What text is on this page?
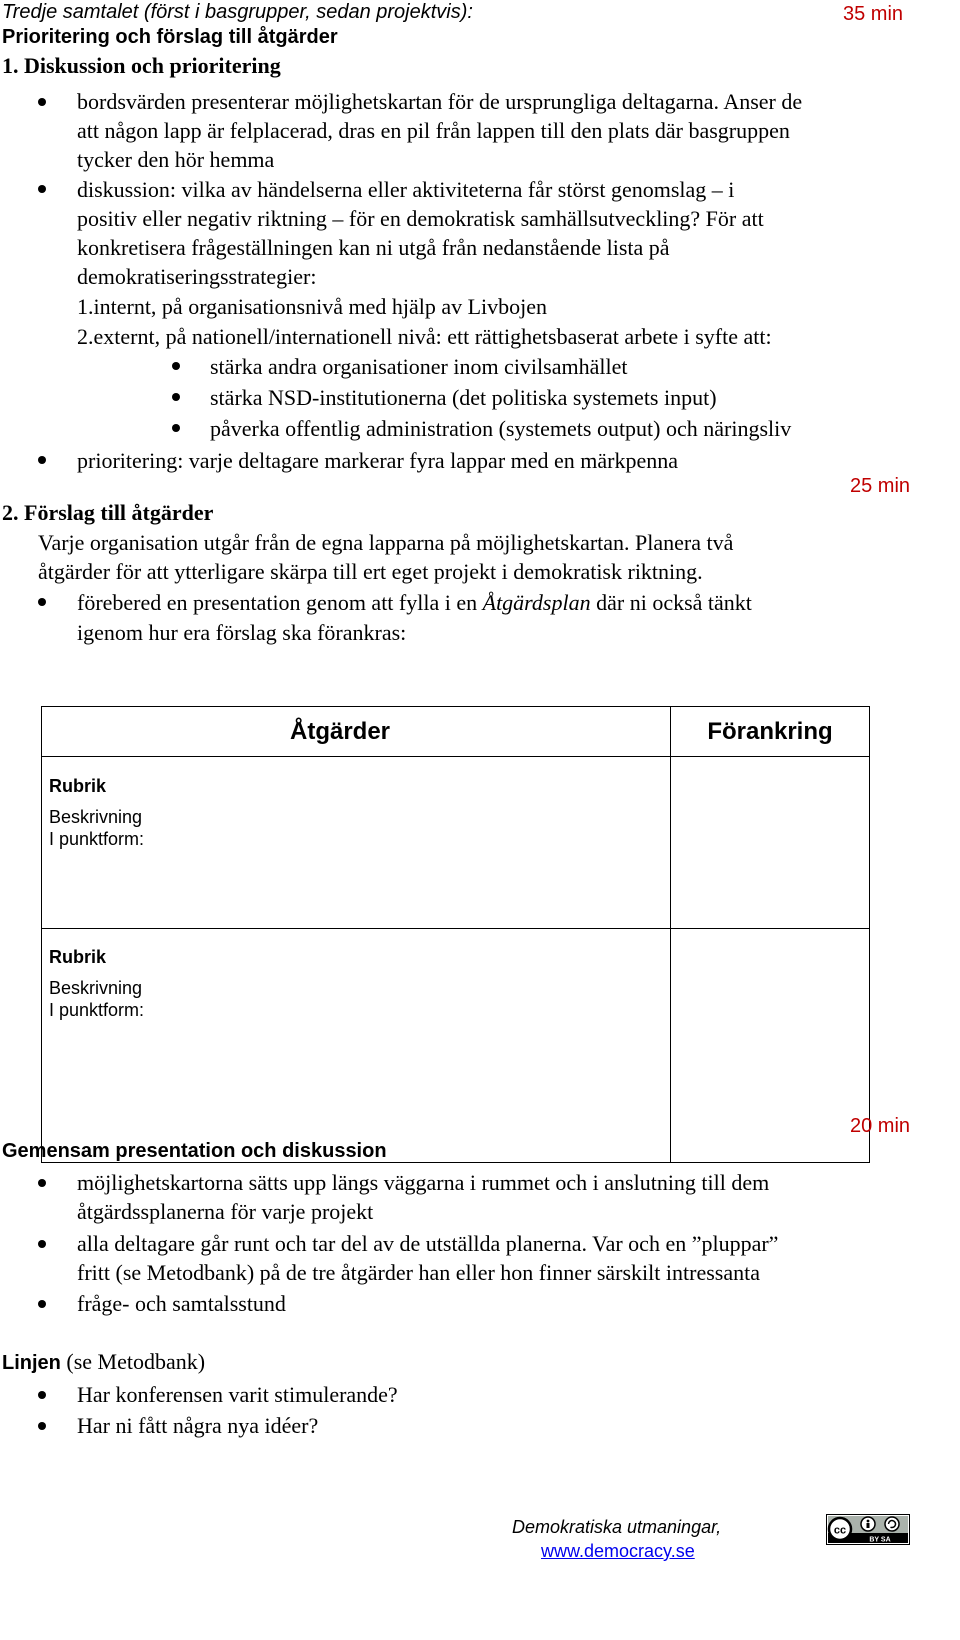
Tredje samtalet (först i basgrupper, sedan projektvis):	35 min
Prioritering och förslag till åtgärder
1. Diskussion och prioritering
bordsvärden presenterar möjlighetskartan för de ursprungliga deltagarna. Anser de
att någon lapp är felplacerad, dras en pil från lappen till den plats där basgruppen
tycker den hör hemma
diskussion: vilka av händelserna eller aktiviteterna får störst genomslag – i
positiv eller negativ riktning – för en demokratisk samhällsutveckling? För att
konkretisera frågeställningen kan ni utgå från nedanstående lista på
demokratiseringsstrategier:
1.internt, på organisationsnivå med hjälp av Livbojen
2.externt, på nationell/internationell nivå: ett rättighetsbaserat arbete i syfte att:
stärka andra organisationer inom civilsamhället
stärka NSD-institutionerna (det politiska systemets input)
påverka offentlig administration (systemets output) och näringsliv
prioritering: varje deltagare markerar fyra lappar med en märkpenna
25 min
2. Förslag till åtgärder
Varje organisation utgår från de egna lapparna på möjlighetskartan. Planera två
åtgärder för att ytterligare skärpa till ert eget projekt i demokratisk riktning.
förebered en presentation genom att fylla i en Åtgärdsplan där ni också tänkt
igenom hur era förslag ska förankras:
Åtgärder	Förankring
Rubrik
Beskrivning
I punktform:
Rubrik
Beskrivning
I punktform:
20 min
Gemensam presentation och diskussion
möjlighetskartorna sätts upp längs väggarna i rummet och i anslutning till dem
åtgärdssplanerna för varje projekt
alla deltagare går runt och tar del av de utställda planerna. Var och en ”pluppar”
fritt (se Metodbank) på de tre åtgärder han eller hon finner särskilt intressanta
fråge- och samtalsstund
Linjen (se Metodbank)
Har konferensen varit stimulerande?
Har ni fått några nya idéer?
Demokratiska utmaningar,
www.democracy.se
cc
BY SA
